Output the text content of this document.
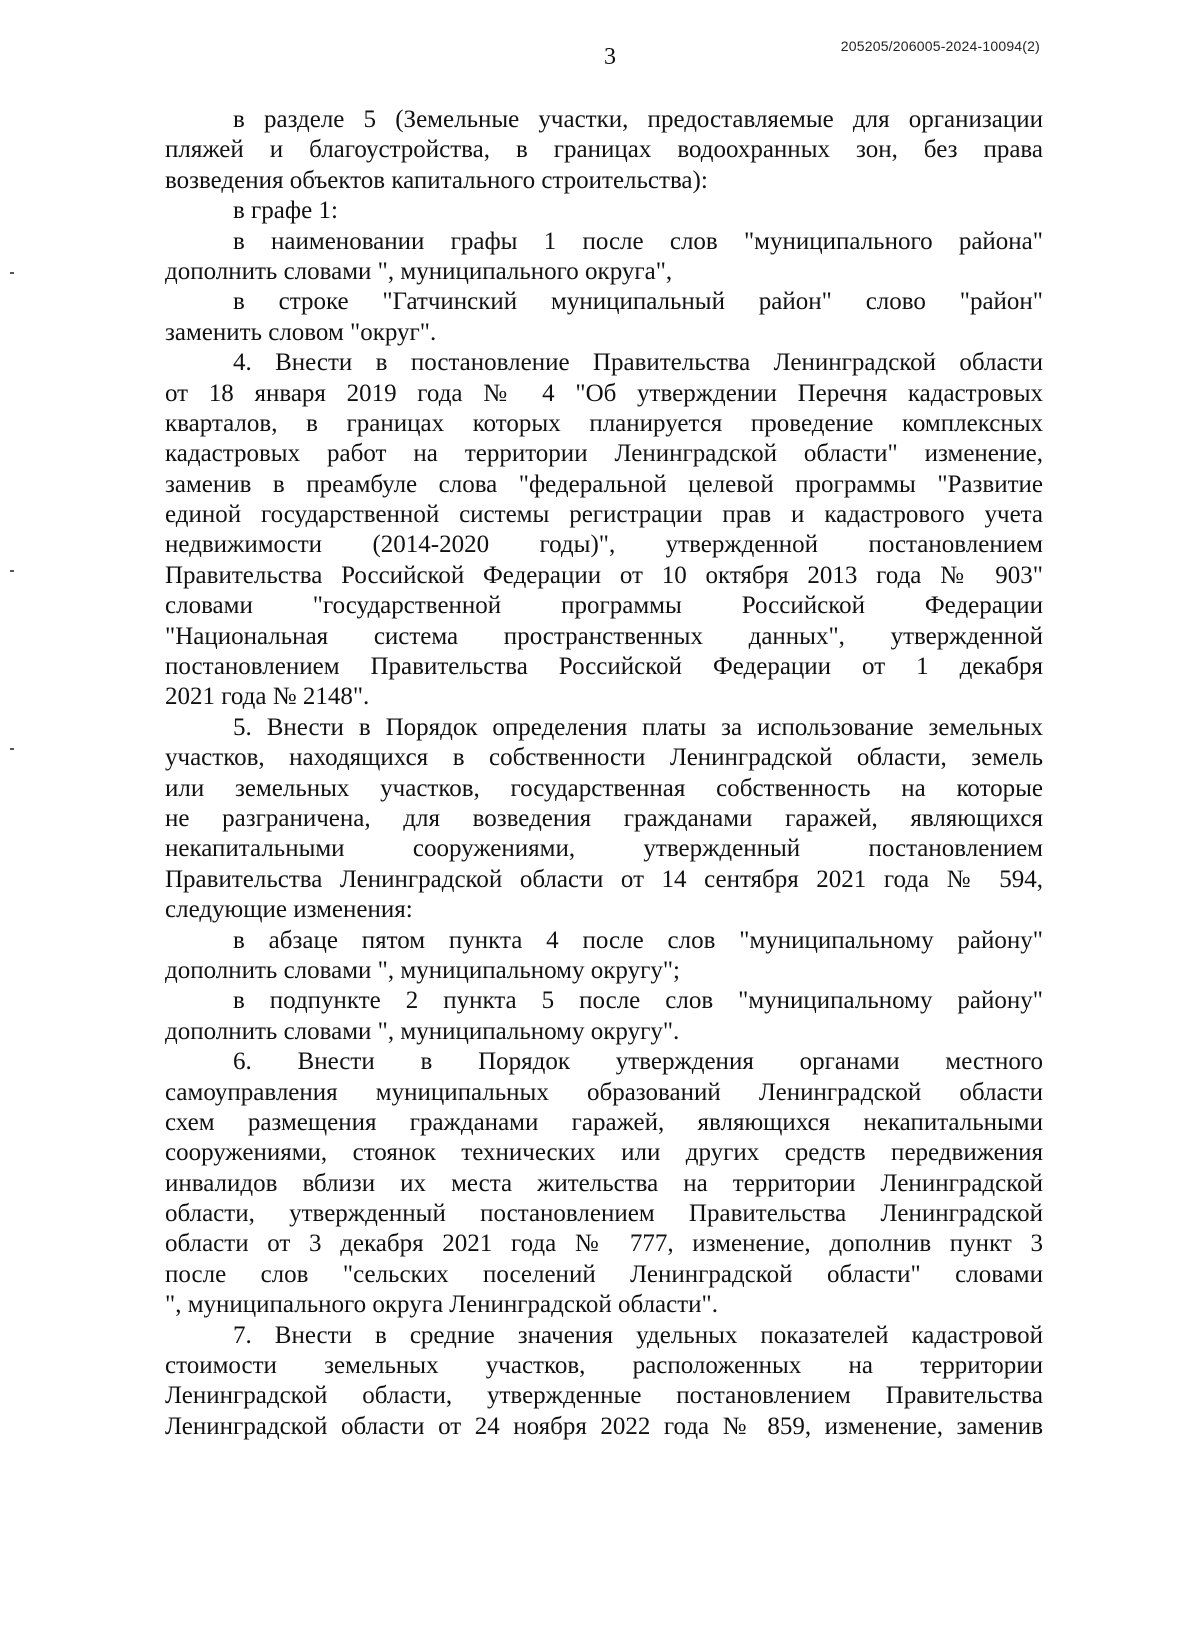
205205/206005-2024-10094(2)
3
в разделе 5 (Земельные участки, предоставляемые для организации
пляжей и благоустройства, в границах водоохранных зон, без права
возведения объектов капитального строительства):
в графе 1:
в наименовании графы 1 после слов "муниципального района"
дополнить словами ", муниципального округа",
в строке "Гатчинский муниципальный район" слово "район"
заменить словом "округ".
4. Внести в постановление Правительства Ленинградской области
от 18 января 2019 года № 4 "Об утверждении Перечня кадастровых
кварталов, в границах которых планируется проведение комплексных
кадастровых работ на территории Ленинградской области" изменение,
заменив в преамбуле слова "федеральной целевой программы "Развитие
единой государственной системы регистрации прав и кадастрового учета
недвижимости (2014-2020 годы)", утвержденной постановлением
Правительства Российской Федерации от 10 октября 2013 года № 903"
словами "государственной программы Российской Федерации
"Национальная система пространственных данных", утвержденной
постановлением Правительства Российской Федерации от 1 декабря
2021 года № 2148".
5. Внести в Порядок определения платы за использование земельных
участков, находящихся в собственности Ленинградской области, земель
или земельных участков, государственная собственность на которые
не разграничена, для возведения гражданами гаражей, являющихся
некапитальными сооружениями, утвержденный постановлением
Правительства Ленинградской области от 14 сентября 2021 года № 594,
следующие изменения:
в абзаце пятом пункта 4 после слов "муниципальному району"
дополнить словами ", муниципальному округу";
в подпункте 2 пункта 5 после слов "муниципальному району"
дополнить словами ", муниципальному округу".
6. Внести в Порядок утверждения органами местного
самоуправления муниципальных образований Ленинградской области
схем размещения гражданами гаражей, являющихся некапитальными
сооружениями, стоянок технических или других средств передвижения
инвалидов вблизи их места жительства на территории Ленинградской
области, утвержденный постановлением Правительства Ленинградской
области от 3 декабря 2021 года № 777, изменение, дополнив пункт 3
после слов "сельских поселений Ленинградской области" словами
", муниципального округа Ленинградской области".
7. Внести в средние значения удельных показателей кадастровой
стоимости земельных участков, расположенных на территории
Ленинградской области, утвержденные постановлением Правительства
Ленинградской области от 24 ноября 2022 года № 859, изменение, заменив
